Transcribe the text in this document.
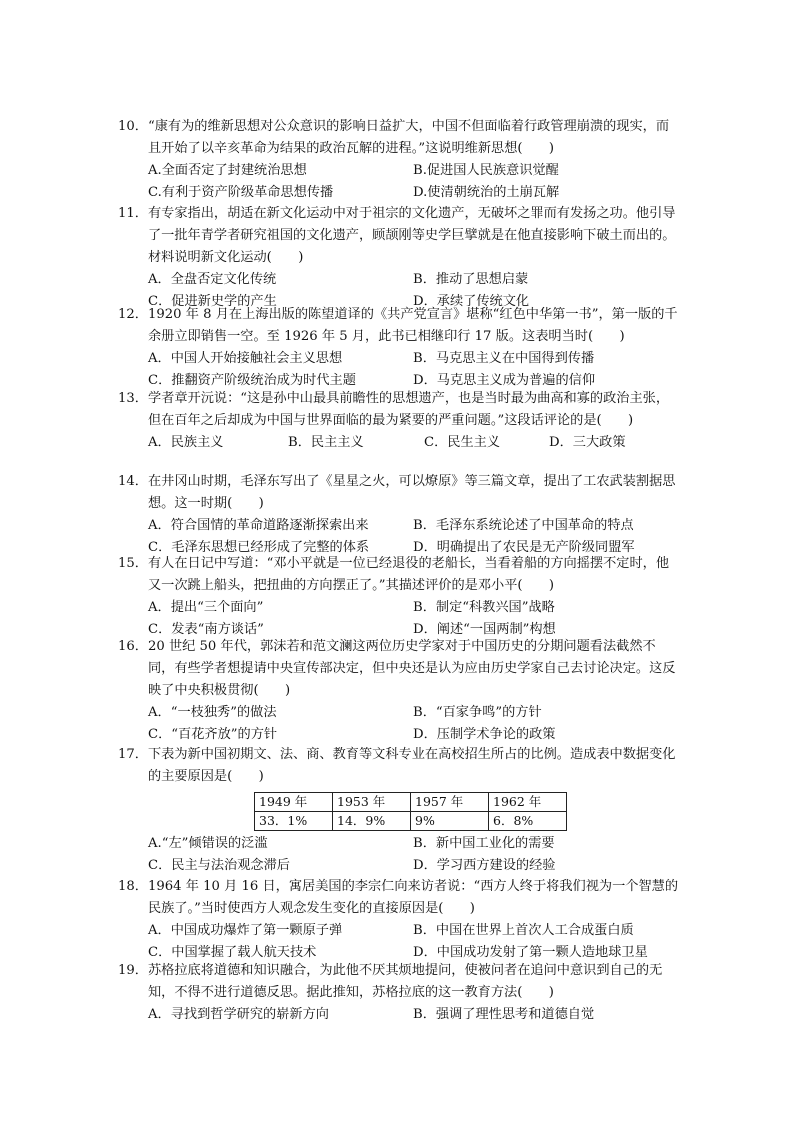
10．“康有为的维新思想对公众意识的影响日益扩大，中国不但面临着行政管理崩溃的现实，而且开始了以辛亥革命为结果的政治瓦解的进程。”这说明维新思想(　　)

A.全面否定了封建统治思想	B.促进国人民族意识觉醒
C.有利于资产阶级革命思想传播	D.使清朝统治的土崩瓦解

11．有专家指出，胡适在新文化运动中对于祖宗的文化遗产，无破坏之罪而有发扬之功。他引导了一批年青学者研究祖国的文化遗产，顾颉刚等史学巨擘就是在他直接影响下破土而出的。材料说明新文化运动(　　)

A．全盘否定文化传统	B．推动了思想启蒙
C．促进新史学的产生	D．承续了传统文化

12．1920 年 8 月在上海出版的陈望道译的《共产党宣言》堪称“红色中华第一书”，第一版的千余册立即销售一空。至 1926 年 5 月，此书已相继印行 17 版。这表明当时(　　)

A．中国人开始接触社会主义思想	B．马克思主义在中国得到传播
C．推翻资产阶级统治成为时代主题	D．马克思主义成为普遍的信仰

13．学者章开沅说：“这是孙中山最具前瞻性的思想遗产，也是当时最为曲高和寡的政治主张，但在百年之后却成为中国与世界面临的最为紧要的严重问题。”这段话评论的是(　　)

A．民族主义	B．民主主义	C．民生主义	D．三大政策

14．在井冈山时期，毛泽东写出了《星星之火，可以燎原》等三篇文章，提出了工农武装割据思想。这一时期(　　)

A．符合国情的革命道路逐渐探索出来	B．毛泽东系统论述了中国革命的特点
C．毛泽东思想已经形成了完整的体系	D．明确提出了农民是无产阶级同盟军

15．有人在日记中写道：“邓小平就是一位已经退役的老船长，当看着船的方向摇摆不定时，他又一次跳上船头，把扭曲的方向摆正了。”其描述评价的是邓小平(　　)

A．提出“三个面向”	B．制定“科教兴国”战略
C．发表“南方谈话”	D．阐述“一国两制”构想

16．20 世纪 50 年代，郭沫若和范文澜这两位历史学家对于中国历史的分期问题看法截然不同，有些学者想提请中央宣传部决定，但中央还是认为应由历史学家自己去讨论决定。这反映了中央积极贯彻(　　)

A．“一枝独秀”的做法	B．“百家争鸣”的方针
C．“百花齐放”的方针	D．压制学术争论的政策

17．下表为新中国初期文、法、商、教育等文科专业在高校招生所占的比例。造成表中数据变化的主要原因是(　　)

1949 年	1953 年	1957 年	1962 年
33．1%	14．9%	9%	6．8%
A.“左”倾错误的泛滥	B．新中国工业化的需要
C．民主与法治观念滞后	D．学习西方建设的经验

18．1964 年 10 月 16 日，寓居美国的李宗仁向来访者说：“西方人终于将我们视为一个智慧的民族了。”当时使西方人观念发生变化的直接原因是(　　)

A．中国成功爆炸了第一颗原子弹	B．中国在世界上首次人工合成蛋白质
C．中国掌握了载人航天技术	D．中国成功发射了第一颗人造地球卫星

19．苏格拉底将道德和知识融合，为此他不厌其烦地提问，使被问者在追问中意识到自己的无知，不得不进行道德反思。据此推知，苏格拉底的这一教育方法(　　)

A．寻找到哲学研究的崭新方向	B．强调了理性思考和道德自觉
